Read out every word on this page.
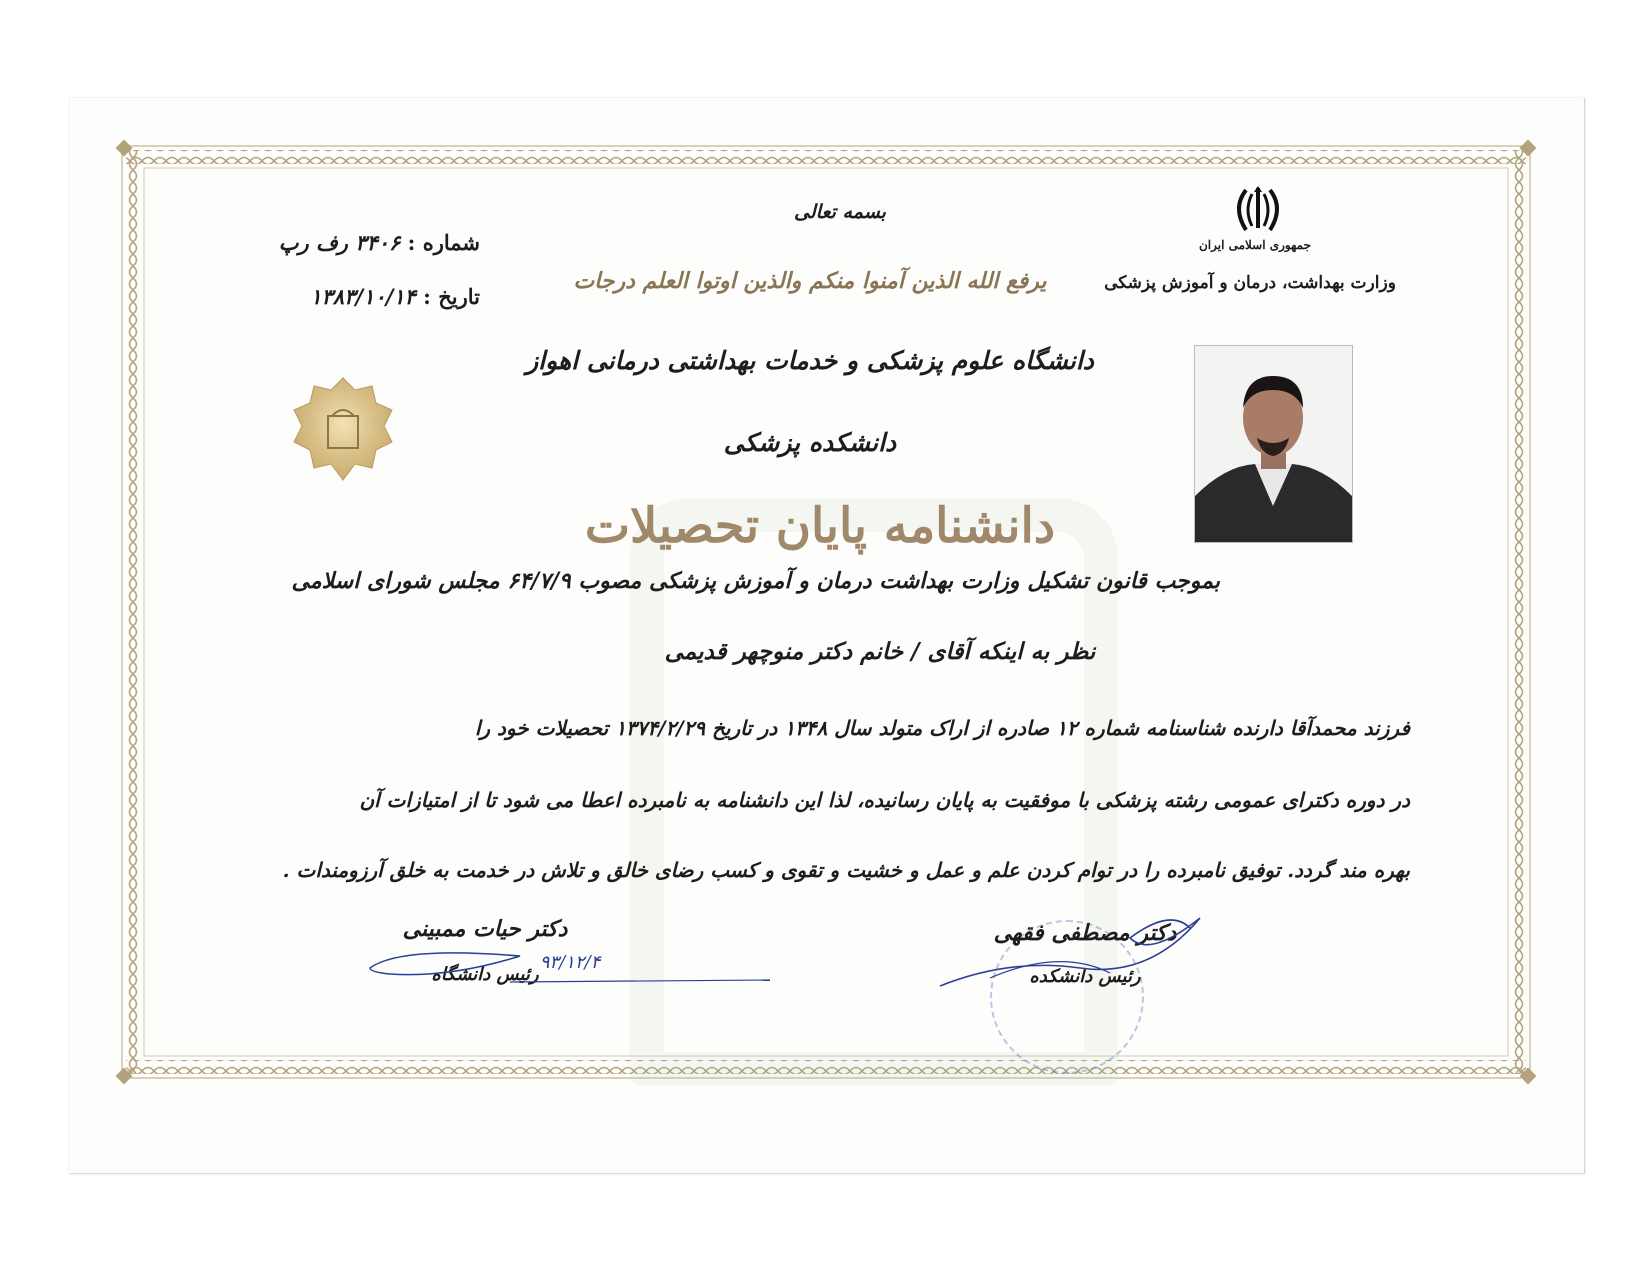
جمهوری اسلامی ایران
وزارت بهداشت، درمان و آموزش پزشکی
بسمه تعالی
یرفع الله الذین آمنوا منکم والذین اوتوا العلم درجات
شماره : ۳۴۰۶ رف رپ
تاریخ : ۱۳۸۳/۱۰/۱۴
دانشگاه علوم پزشکی و خدمات بهداشتی درمانی اهواز
دانشکده پزشکی
دانشنامه پایان تحصیلات
بموجب قانون تشکیل وزارت بهداشت درمان و آموزش پزشکی مصوب ۶۴/۷/۹ مجلس شورای اسلامی
نظر به اینکه آقای / خانم دکتر منوچهر قدیمی
فرزند محمدآقا دارنده شناسنامه شماره ۱۲ صادره از اراک متولد سال ۱۳۴۸ در تاریخ ۱۳۷۴/۲/۲۹ تحصیلات خود را
در دوره دکترای عمومی رشته پزشکی با موفقیت به پایان رسانیده، لذا این دانشنامه به نامبرده اعطا می شود تا از امتیازات آن
بهره مند گردد. توفیق نامبرده را در توام کردن علم و عمل و خشیت و تقوی و کسب رضای خالق و تلاش در خدمت به خلق آرزومندات .
دکتر مصطفی فقهی
رئیس دانشکده
دکتر حیات ممبینی
رئیس دانشگاه
۹۳/۱۲/۴
